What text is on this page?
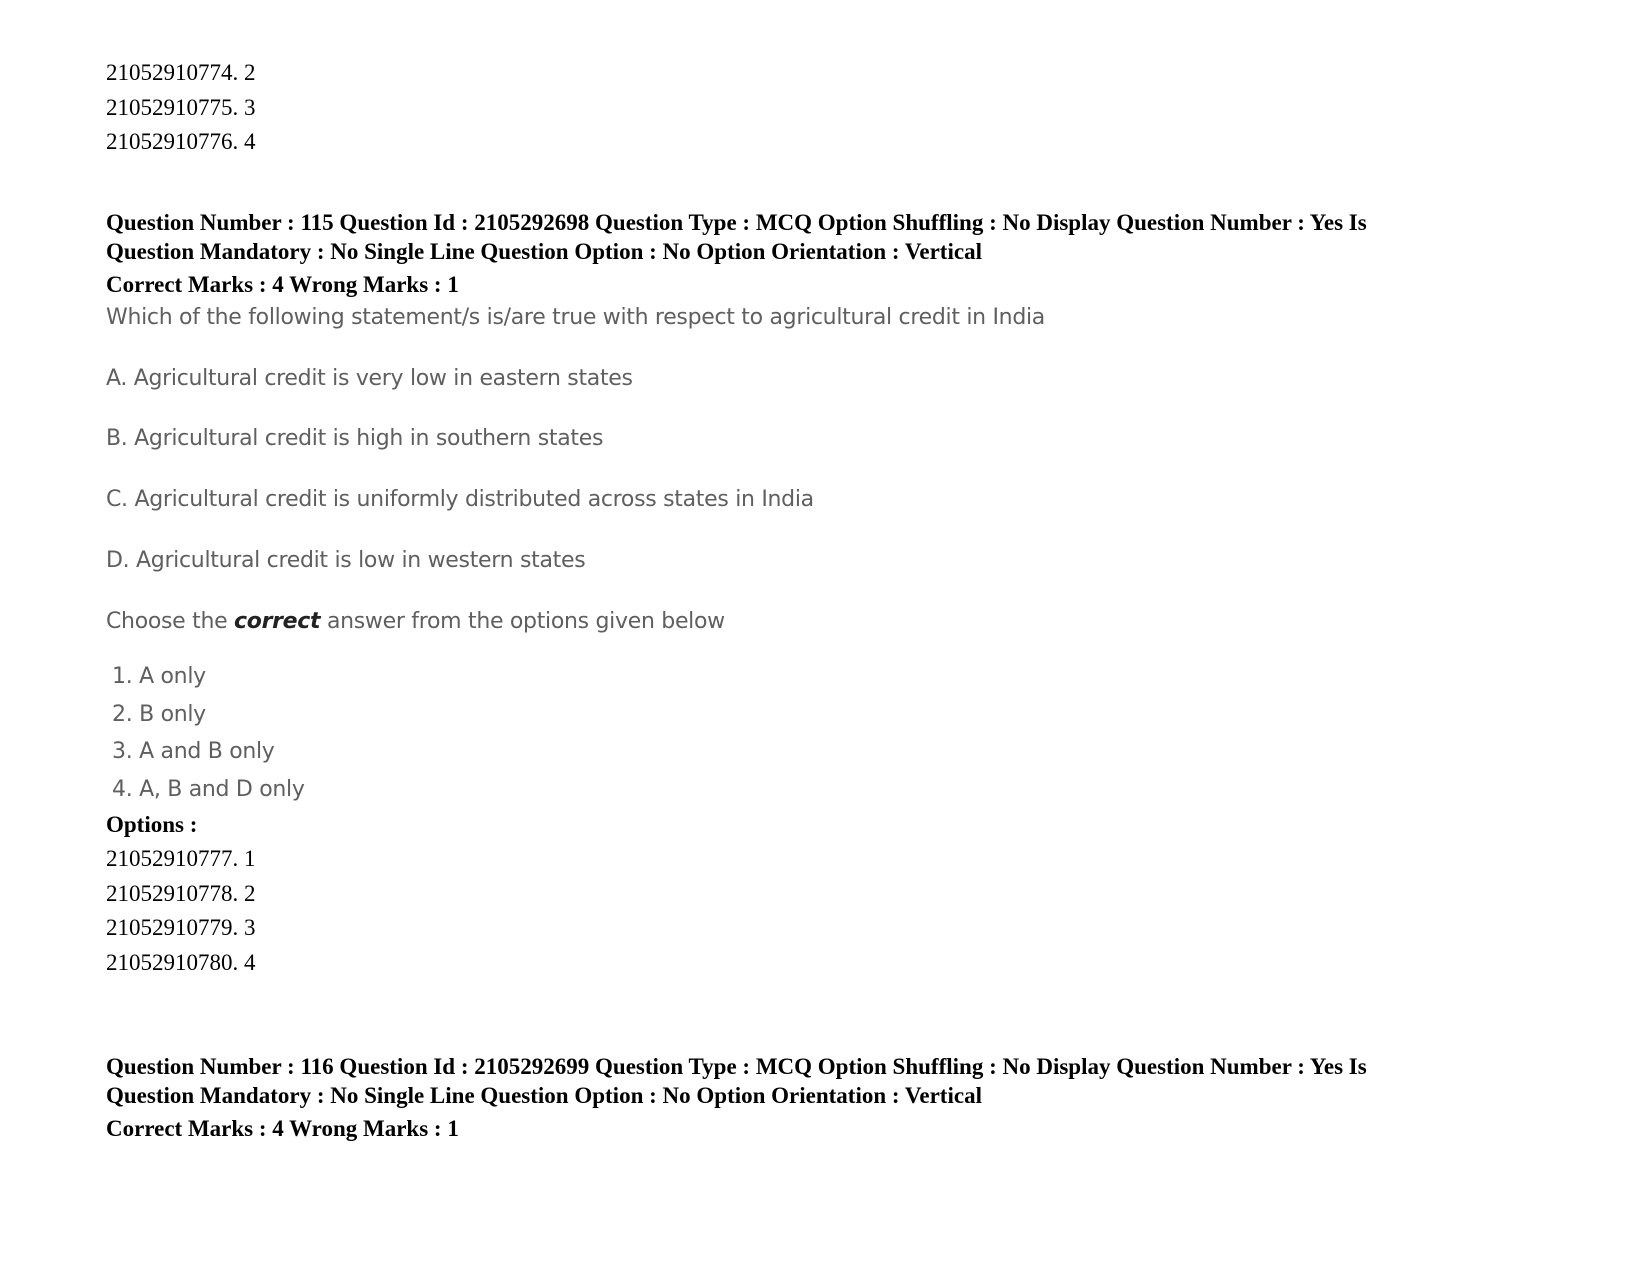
21052910774. 2

21052910775. 3

21052910776. 4

Question Number : 115 Question Id : 2105292698 Question Type : MCQ Option Shuffling : No Display Question Number : Yes Is

Question Mandatory : No Single Line Question Option : No Option Orientation : Vertical

Correct Marks : 4 Wrong Marks : 1

Which of the following statement/s is/are true with respect to agricultural credit in India

A. Agricultural credit is very low in eastern states

B. Agricultural credit is high in southern states

C. Agricultural credit is uniformly distributed across states in India

D. Agricultural credit is low in western states

Choose the correct answer from the options given below

1. A only

2. B only

3. A and B only

4. A, B and D only

Options :

21052910777. 1

21052910778. 2

21052910779. 3

21052910780. 4

Question Number : 116 Question Id : 2105292699 Question Type : MCQ Option Shuffling : No Display Question Number : Yes Is

Question Mandatory : No Single Line Question Option : No Option Orientation : Vertical

Correct Marks : 4 Wrong Marks : 1
